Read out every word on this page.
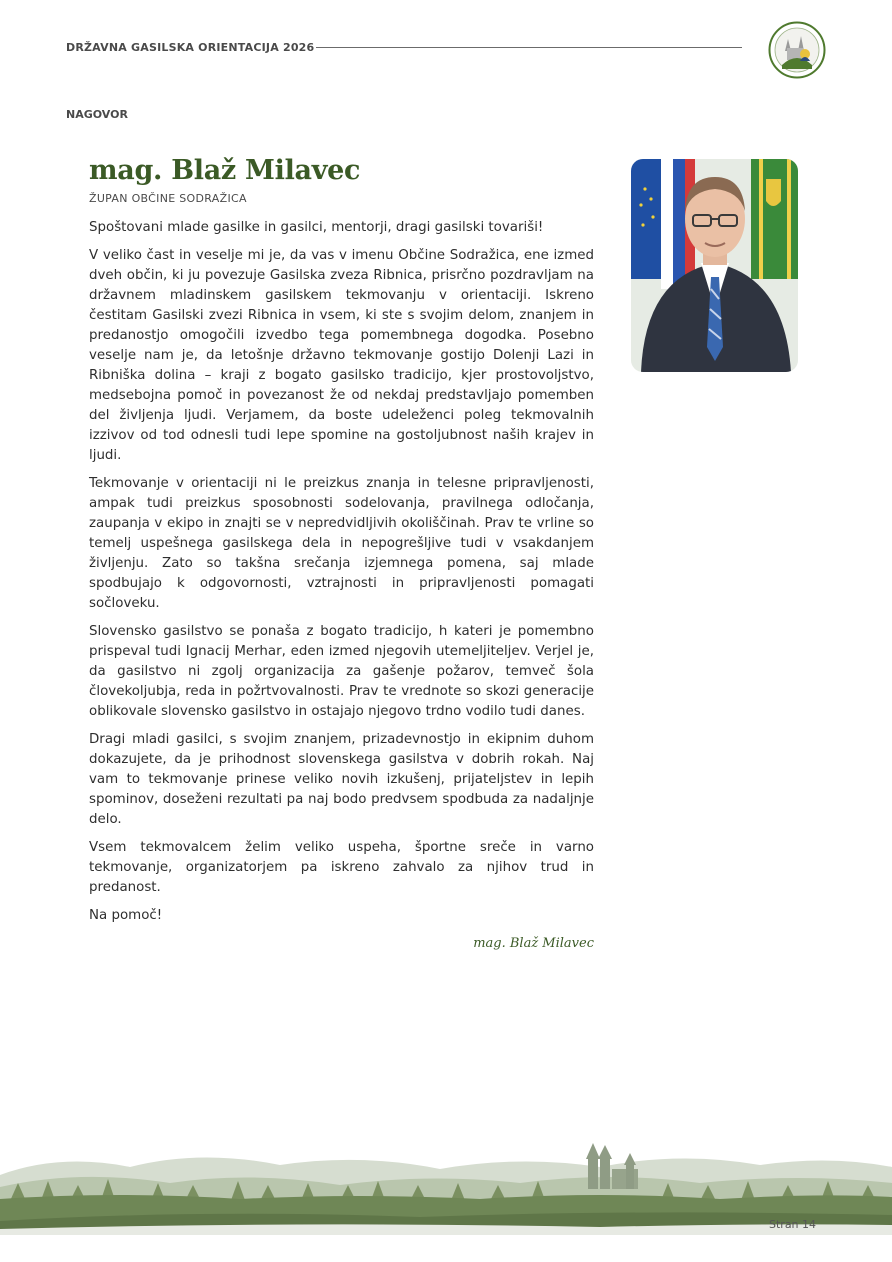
DRŽAVNA GASILSKA ORIENTACIJA 2026
NAGOVOR
mag. Blaž Milavec
ŽUPAN OBČINE SODRAŽICA

Spoštovani mlade gasilke in gasilci, mentorji, dragi gasilski tovariši!

V veliko čast in veselje mi je, da vas v imenu Občine Sodražica, ene izmed dveh občin, ki ju povezuje Gasilska zveza Ribnica, prisrčno pozdravljam na državnem mladinskem gasilskem tekmovanju v orientaciji. Iskreno čestitam Gasilski zvezi Ribnica in vsem, ki ste s svojim delom, znanjem in predanostjo omogočili izvedbo tega pomembnega dogodka. Posebno veselje nam je, da letošnje državno tekmovanje gostijo Dolenji Lazi in Ribniška dolina – kraji z bogato gasilsko tradicijo, kjer prostovoljstvo, medsebojna pomoč in povezanost že od nekdaj predstavljajo pomemben del življenja ljudi. Verjamem, da boste udeleženci poleg tekmovalnih izzivov od tod odnesli tudi lepe spomine na gostoljubnost naših krajev in ljudi.

Tekmovanje v orientaciji ni le preizkus znanja in telesne pripravljenosti, ampak tudi preizkus sposobnosti sodelovanja, pravilnega odločanja, zaupanja v ekipo in znajti se v nepredvidljivih okoliščinah. Prav te vrline so temelj uspešnega gasilskega dela in nepogrešljive tudi v vsakdanjem življenju. Zato so takšna srečanja izjemnega pomena, saj mlade spodbujajo k odgovornosti, vztrajnosti in pripravljenosti pomagati sočloveku.

Slovensko gasilstvo se ponaša z bogato tradicijo, h kateri je pomembno prispeval tudi Ignacij Merhar, eden izmed njegovih utemeljiteljev. Verjel je, da gasilstvo ni zgolj organizacija za gašenje požarov, temveč šola človekoljubja, reda in požrtvovalnosti. Prav te vrednote so skozi generacije oblikovale slovensko gasilstvo in ostajajo njegovo trdno vodilo tudi danes.

Dragi mladi gasilci, s svojim znanjem, prizadevnostjo in ekipnim duhom dokazujete, da je prihodnost slovenskega gasilstva v dobrih rokah. Naj vam to tekmovanje prinese veliko novih izkušenj, prijateljstev in lepih spominov, doseženi rezultati pa naj bodo predvsem spodbuda za nadaljnje delo.

Vsem tekmovalcem želim veliko uspeha, športne sreče in varno tekmovanje, organizatorjem pa iskreno zahvalo za njihov trud in predanost.

Na pomoč!

mag. Blaž Milavec
Stran 14
